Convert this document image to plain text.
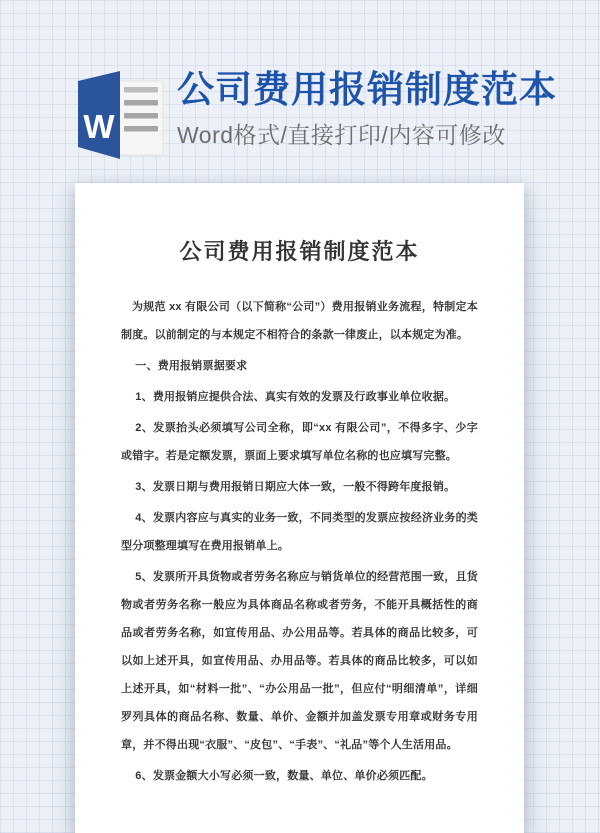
W
公司费用报销制度范本
Word格式/直接打印/内容可修改
公司费用报销制度范本

为规范 xx 有限公司（以下简称“公司”）费用报销业务流程，特制定本制度。以前制定的与本规定不相符合的条款一律废止，以本规定为准。

一、费用报销票据要求

1、费用报销应提供合法、真实有效的发票及行政事业单位收据。

2、发票抬头必须填写公司全称，即“xx 有限公司”，不得多字、少字或错字。若是定额发票，票面上要求填写单位名称的也应填写完整。

3、发票日期与费用报销日期应大体一致，一般不得跨年度报销。

4、发票内容应与真实的业务一致，不同类型的发票应按经济业务的类型分项整理填写在费用报销单上。

5、发票所开具货物或者劳务名称应与销货单位的经营范围一致，且货物或者劳务名称一般应为具体商品名称或者劳务，不能开具概括性的商品或者劳务名称，如宣传用品、办公用品等。若具体的商品比较多，可以如上述开具，如宣传用品、办用品等。若具体的商品比较多，可以如上述开具，如“材料一批”、“办公用品一批”，但应付“明细清单”，详细罗列具体的商品名称、数量、单价、金额并加盖发票专用章或财务专用章，并不得出现“衣服”、“皮包”、“手表”、“礼品”等个人生活用品。

6、发票金额大小写必须一致，数量、单位、单价必须匹配。
